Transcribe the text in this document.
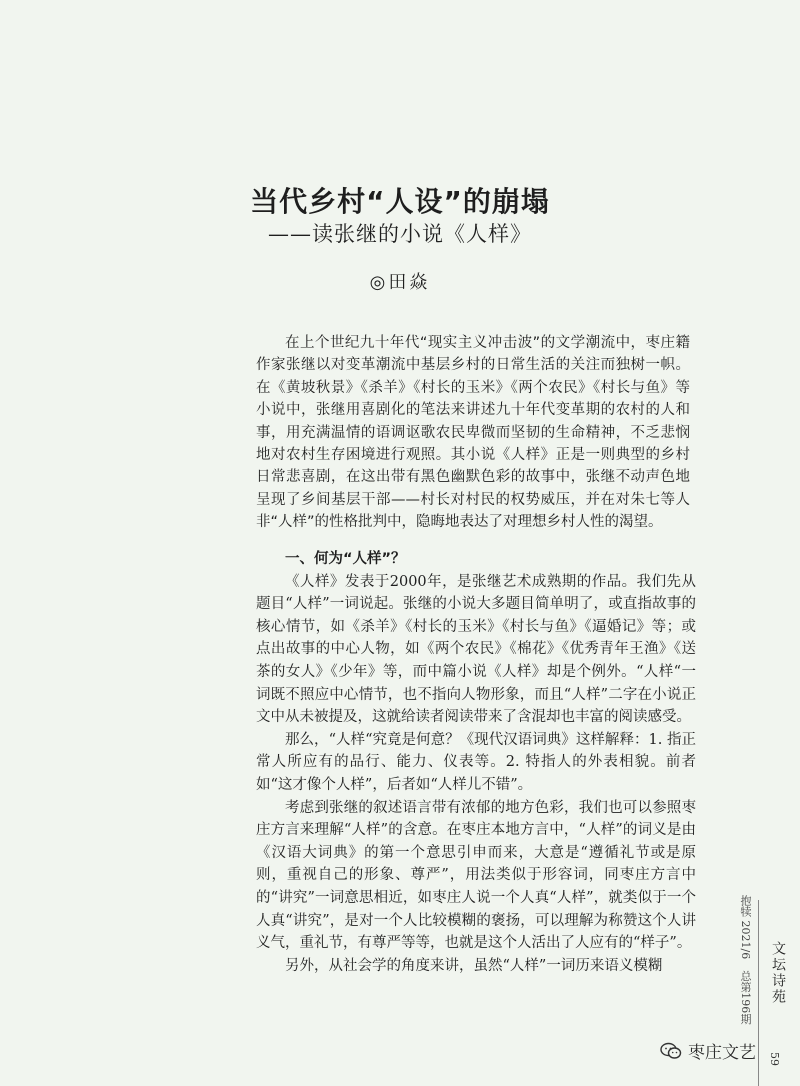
当代乡村“人设”的崩塌
——读张继的小说《人样》
◎田焱
在上个世纪九十年代“现实主义冲击波”的文学潮流中，枣庄籍作家张继以对变革潮流中基层乡村的日常生活的关注而独树一帜。在《黄坡秋景》《杀羊》《村长的玉米》《两个农民》《村长与鱼》等小说中，张继用喜剧化的笔法来讲述九十年代变革期的农村的人和事，用充满温情的语调讴歌农民卑微而坚韧的生命精神，不乏悲悯地对农村生存困境进行观照。其小说《人样》正是一则典型的乡村日常悲喜剧，在这出带有黑色幽默色彩的故事中，张继不动声色地呈现了乡间基层干部——村长对村民的权势威压，并在对朱七等人非“人样”的性格批判中，隐晦地表达了对理想乡村人性的渴望。
一、何为“人样”？

《人样》发表于2000年，是张继艺术成熟期的作品。我们先从题目“人样”一词说起。张继的小说大多题目简单明了，或直指故事的核心情节，如《杀羊》《村长的玉米》《村长与鱼》《逼婚记》等；或点出故事的中心人物，如《两个农民》《棉花》《优秀青年王渔》《送茶的女人》《少年》等，而中篇小说《人样》却是个例外。“人样“一词既不照应中心情节，也不指向人物形象，而且“人样”二字在小说正文中从未被提及，这就给读者阅读带来了含混却也丰富的阅读感受。

那么，“人样“究竟是何意？《现代汉语词典》这样解释：1. 指正常人所应有的品行、能力、仪表等。2. 特指人的外表相貌。前者如“这才像个人样”，后者如“人样儿不错”。

考虑到张继的叙述语言带有浓郁的地方色彩，我们也可以参照枣庄方言来理解“人样”的含意。在枣庄本地方言中，“人样”的词义是由《汉语大词典》的第一个意思引申而来，大意是“遵循礼节或是原则，重视自己的形象、尊严”，用法类似于形容词，同枣庄方言中的“讲究”一词意思相近，如枣庄人说一个人真“人样”，就类似于一个人真“讲究”，是对一个人比较模糊的褒扬，可以理解为称赞这个人讲义气，重礼节，有尊严等等，也就是这个人活出了人应有的“样子”。

另外，从社会学的角度来讲，虽然“人样”一词历来语义模糊	抱犊 2021/6　总第196期	文坛诗苑
枣庄文艺 59
